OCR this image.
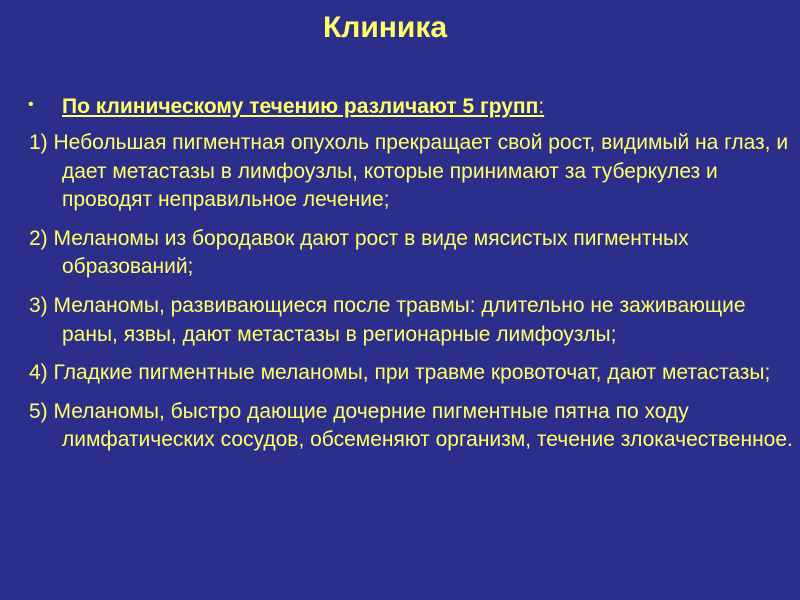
Клиника
• По клиническому течению различают 5 групп:
1) Небольшая пигментная опухоль прекращает свой рост, видимый на глаз, и дает метастазы в лимфоузлы, которые принимают за туберкулез и проводят неправильное лечение;
2) Меланомы из бородавок дают рост в виде мясистых пигментных образований;
3) Меланомы, развивающиеся после травмы: длительно не заживающие раны, язвы, дают метастазы в регионарные лимфоузлы;
4) Гладкие пигментные меланомы, при травме кровоточат, дают метастазы;
5) Меланомы, быстро дающие дочерние пигментные пятна по ходу лимфатических сосудов, обсеменяют организм, течение злокачественное.
